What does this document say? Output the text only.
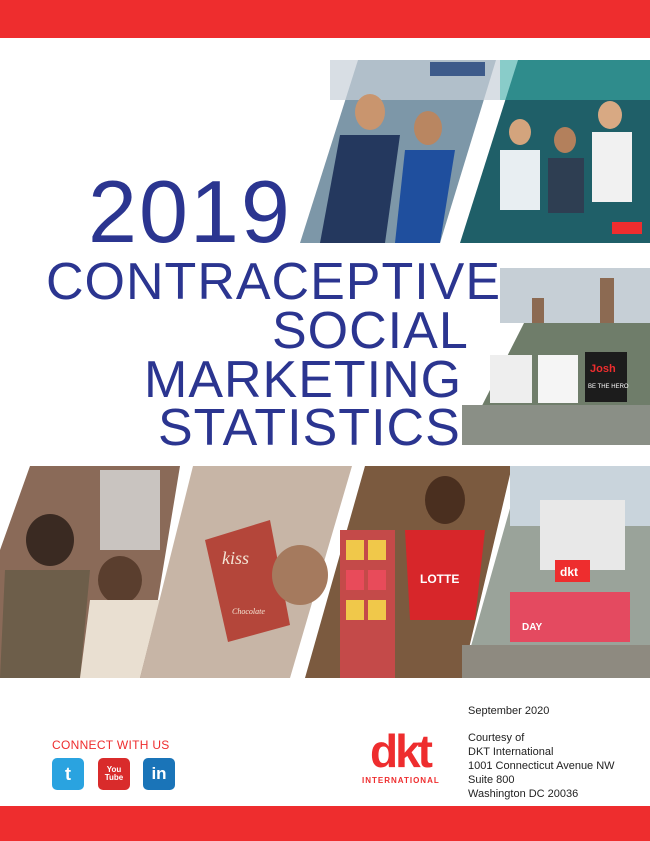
Josh
BE THE HERO
kiss
Chocolate
LOTTE	dkt
DAY
2019
CONTRACEPTIVE
SOCIAL
MARKETING
STATISTICS
September 2020
Courtesy of
DKT International
1001 Connecticut Avenue NW
Suite 800
Washington DC 20036
CONNECT WITH US
t	You
Tube in	dkt
INTERNATIONAL
